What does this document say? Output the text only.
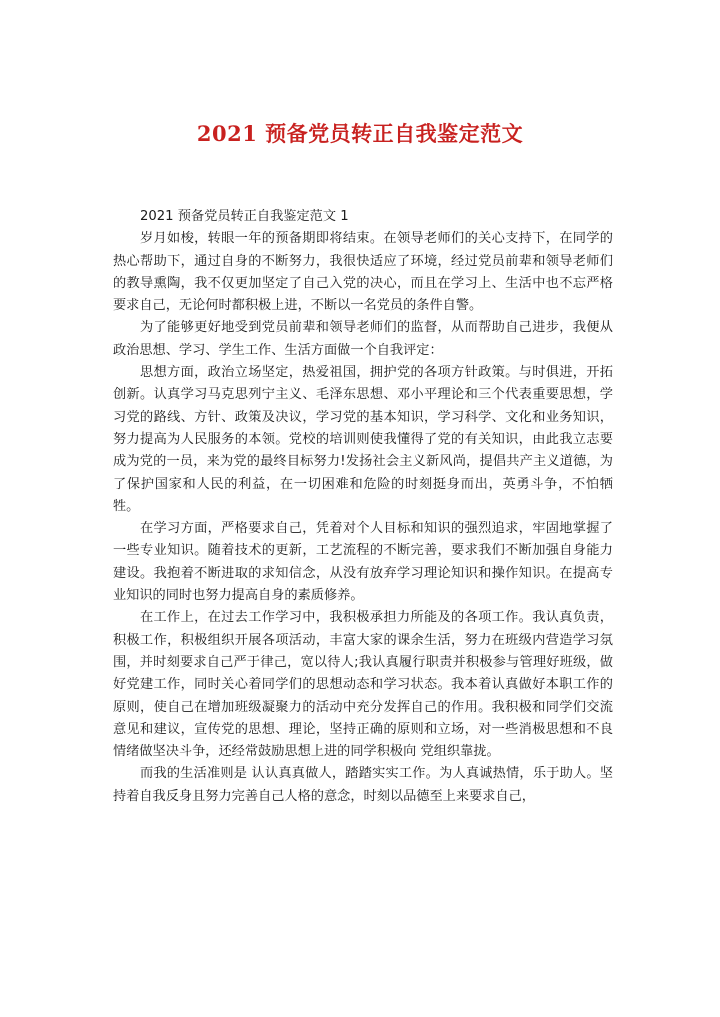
2021 预备党员转正自我鉴定范文

2021 预备党员转正自我鉴定范文 1

岁月如梭，转眼一年的预备期即将结束。在领导老师们的关心支持下，在同学的热心帮助下，通过自身的不断努力，我很快适应了环境，经过党员前辈和领导老师们的教导熏陶，我不仅更加坚定了自己入党的决心，而且在学习上、生活中也不忘严格要求自己，无论何时都积极上进，不断以一名党员的条件自警。

为了能够更好地受到党员前辈和领导老师们的监督，从而帮助自己进步，我便从政治思想、学习、学生工作、生活方面做一个自我评定：

思想方面，政治立场坚定，热爱祖国，拥护党的各项方针政策。与时俱进，开拓创新。认真学习马克思列宁主义、毛泽东思想、邓小平理论和三个代表重要思想，学习党的路线、方针、政策及决议，学习党的基本知识，学习科学、文化和业务知识，努力提高为人民服务的本领。党校的培训则使我懂得了党的有关知识，由此我立志要成为党的一员，来为党的最终目标努力!发扬社会主义新风尚，提倡共产主义道德，为了保护国家和人民的利益，在一切困难和危险的时刻挺身而出，英勇斗争，不怕牺牲。

在学习方面，严格要求自己，凭着对个人目标和知识的强烈追求，牢固地掌握了一些专业知识。随着技术的更新，工艺流程的不断完善，要求我们不断加强自身能力建设。我抱着不断进取的求知信念，从没有放弃学习理论知识和操作知识。在提高专业知识的同时也努力提高自身的素质修养。

在工作上，在过去工作学习中，我积极承担力所能及的各项工作。我认真负责，积极工作，积极组织开展各项活动，丰富大家的课余生活，努力在班级内营造学习氛围，并时刻要求自己严于律己，宽以待人;我认真履行职责并积极参与管理好班级，做好党建工作，同时关心着同学们的思想动态和学习状态。我本着认真做好本职工作的原则，使自己在增加班级凝聚力的活动中充分发挥自己的作用。我积极和同学们交流意见和建议，宣传党的思想、理论，坚持正确的原则和立场，对一些消极思想和不良情绪做坚决斗争，还经常鼓励思想上进的同学积极向 党组织靠拢。

而我的生活准则是 认认真真做人，踏踏实实工作。为人真诚热情，乐于助人。坚持着自我反身且努力完善自己人格的意念，时刻以品德至上来要求自己，
